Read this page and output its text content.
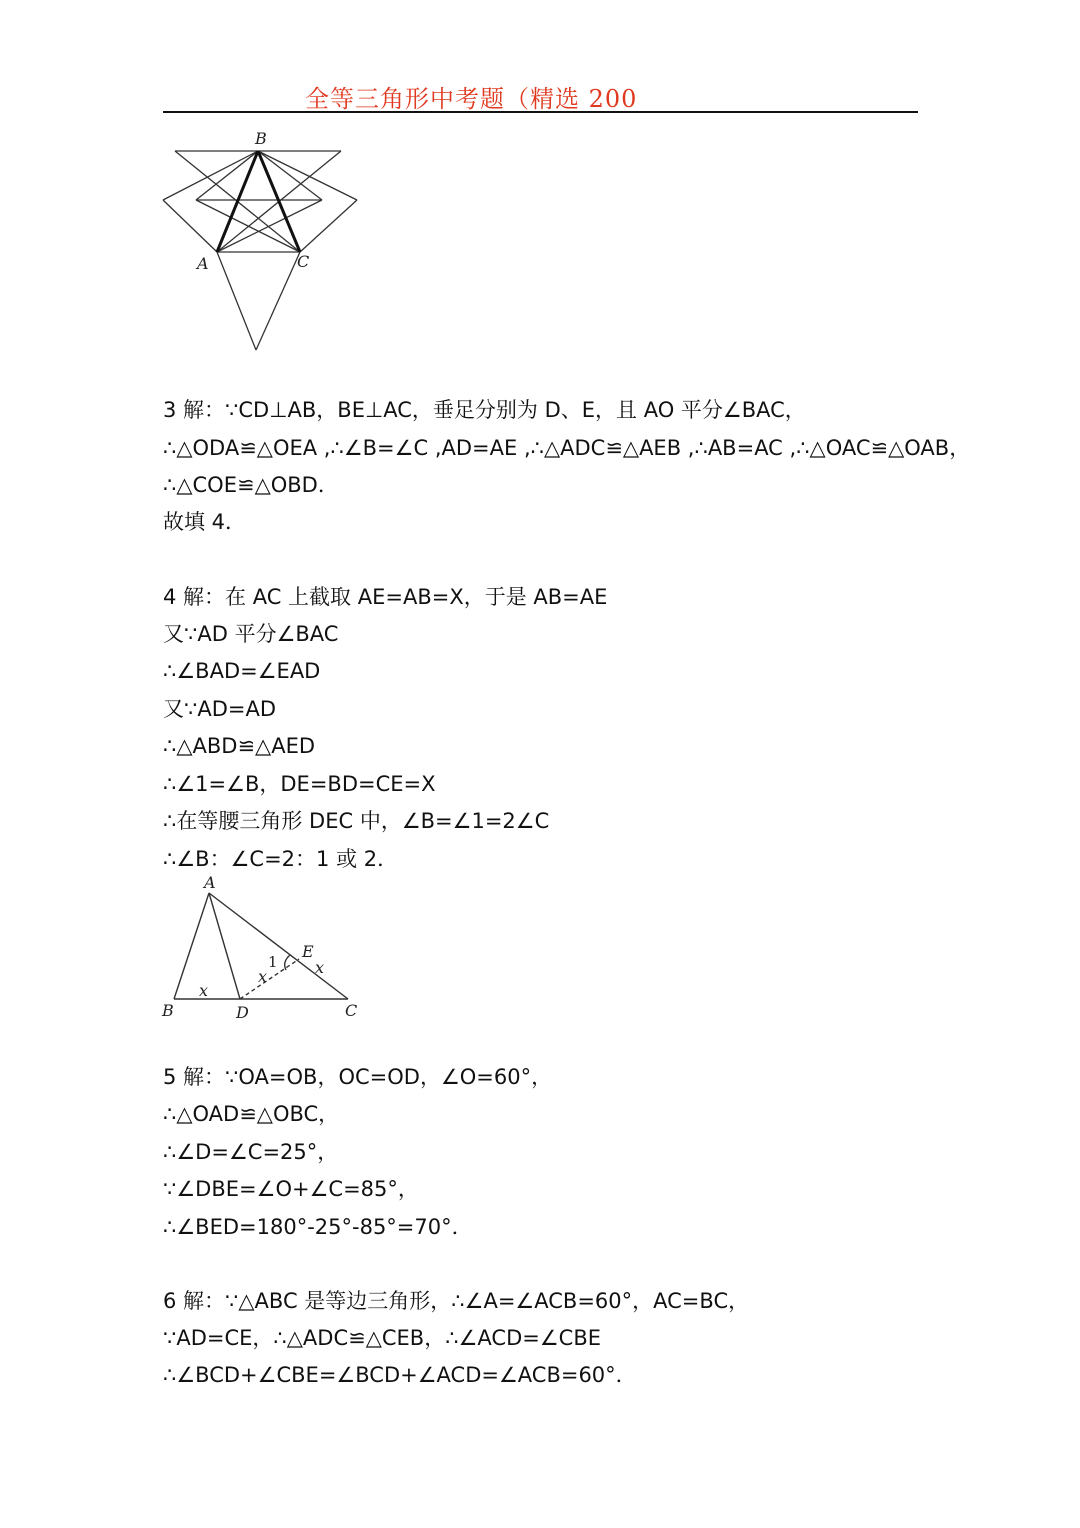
全等三角形中考题（精选 200
B
A	C
3 解：∵CD⊥AB，BE⊥AC，垂足分别为 D、E，且 AO 平分∠BAC，
∴△ODA≌△OEA ,∴∠B=∠C ,AD=AE ,∴△ADC≌△AEB ,∴AB=AC ,∴△OAC≌△OAB，
∴△COE≌△OBD．
故填 4．
4 解：在 AC 上截取 AE=AB=X，于是 AB=AE
又∵AD 平分∠BAC
∴∠BAD=∠EAD
又∵AD=AD
∴△ABD≌△AED
∴∠1=∠B，DE=BD=CE=X
∴在等腰三角形 DEC 中，∠B=∠1=2∠C
∴∠B：∠C=2：1 或 2．
A
B	D	C
E
1
x
x	x
5 解：∵OA=OB，OC=OD，∠O=60°，
∴△OAD≌△OBC，
∴∠D=∠C=25°，
∵∠DBE=∠O+∠C=85°，
∴∠BED=180°-25°-85°=70°．
6 解：∵△ABC 是等边三角形，∴∠A=∠ACB=60°，AC=BC，
∵AD=CE，∴△ADC≌△CEB，∴∠ACD=∠CBE
∴∠BCD+∠CBE=∠BCD+∠ACD=∠ACB=60°．
